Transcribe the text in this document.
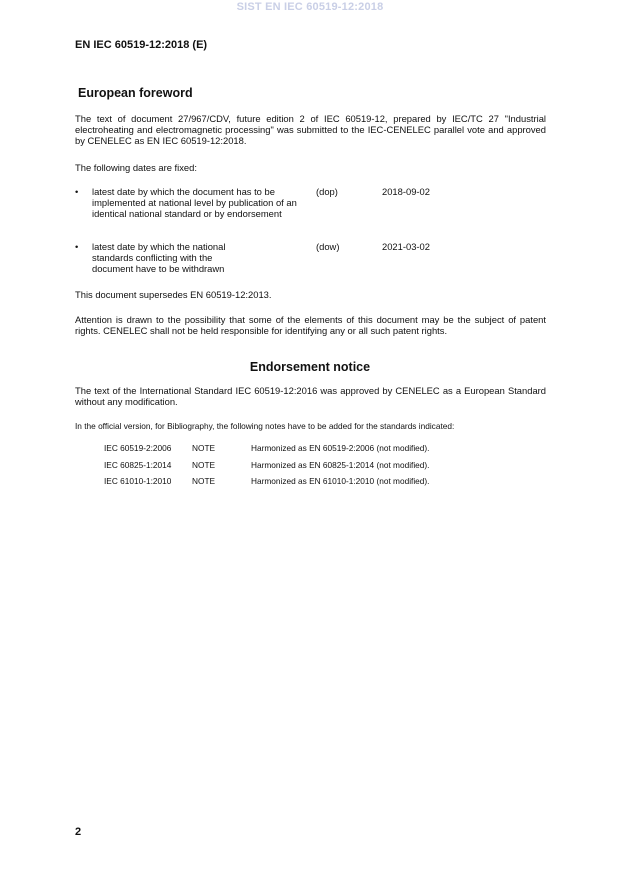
SIST EN IEC 60519-12:2018
EN IEC 60519-12:2018 (E)
European foreword
The text of document 27/967/CDV, future edition 2 of IEC 60519-12, prepared by IEC/TC 27 "Industrial electroheating and electromagnetic processing" was submitted to the IEC-CENELEC parallel vote and approved by CENELEC as EN IEC 60519-12:2018.
The following dates are fixed:
• latest date by which the document has to be implemented at national level by publication of an identical national standard or by endorsement
(dop)	2018-09-02
• latest date by which the national standards conflicting with the document have to be withdrawn
(dow)	2021-03-02
This document supersedes EN 60519-12:2013.
Attention is drawn to the possibility that some of the elements of this document may be the subject of patent rights. CENELEC shall not be held responsible for identifying any or all such patent rights.
Endorsement notice
The text of the International Standard IEC 60519-12:2016 was approved by CENELEC as a European Standard without any modification.
In the official version, for Bibliography, the following notes have to be added for the standards indicated:
IEC 60519-2:2006 NOTE	Harmonized as EN 60519-2:2006 (not modified).
IEC 60825-1:2014 NOTE	Harmonized as EN 60825-1:2014 (not modified).
IEC 61010-1:2010 NOTE	Harmonized as EN 61010-1:2010 (not modified).
2
